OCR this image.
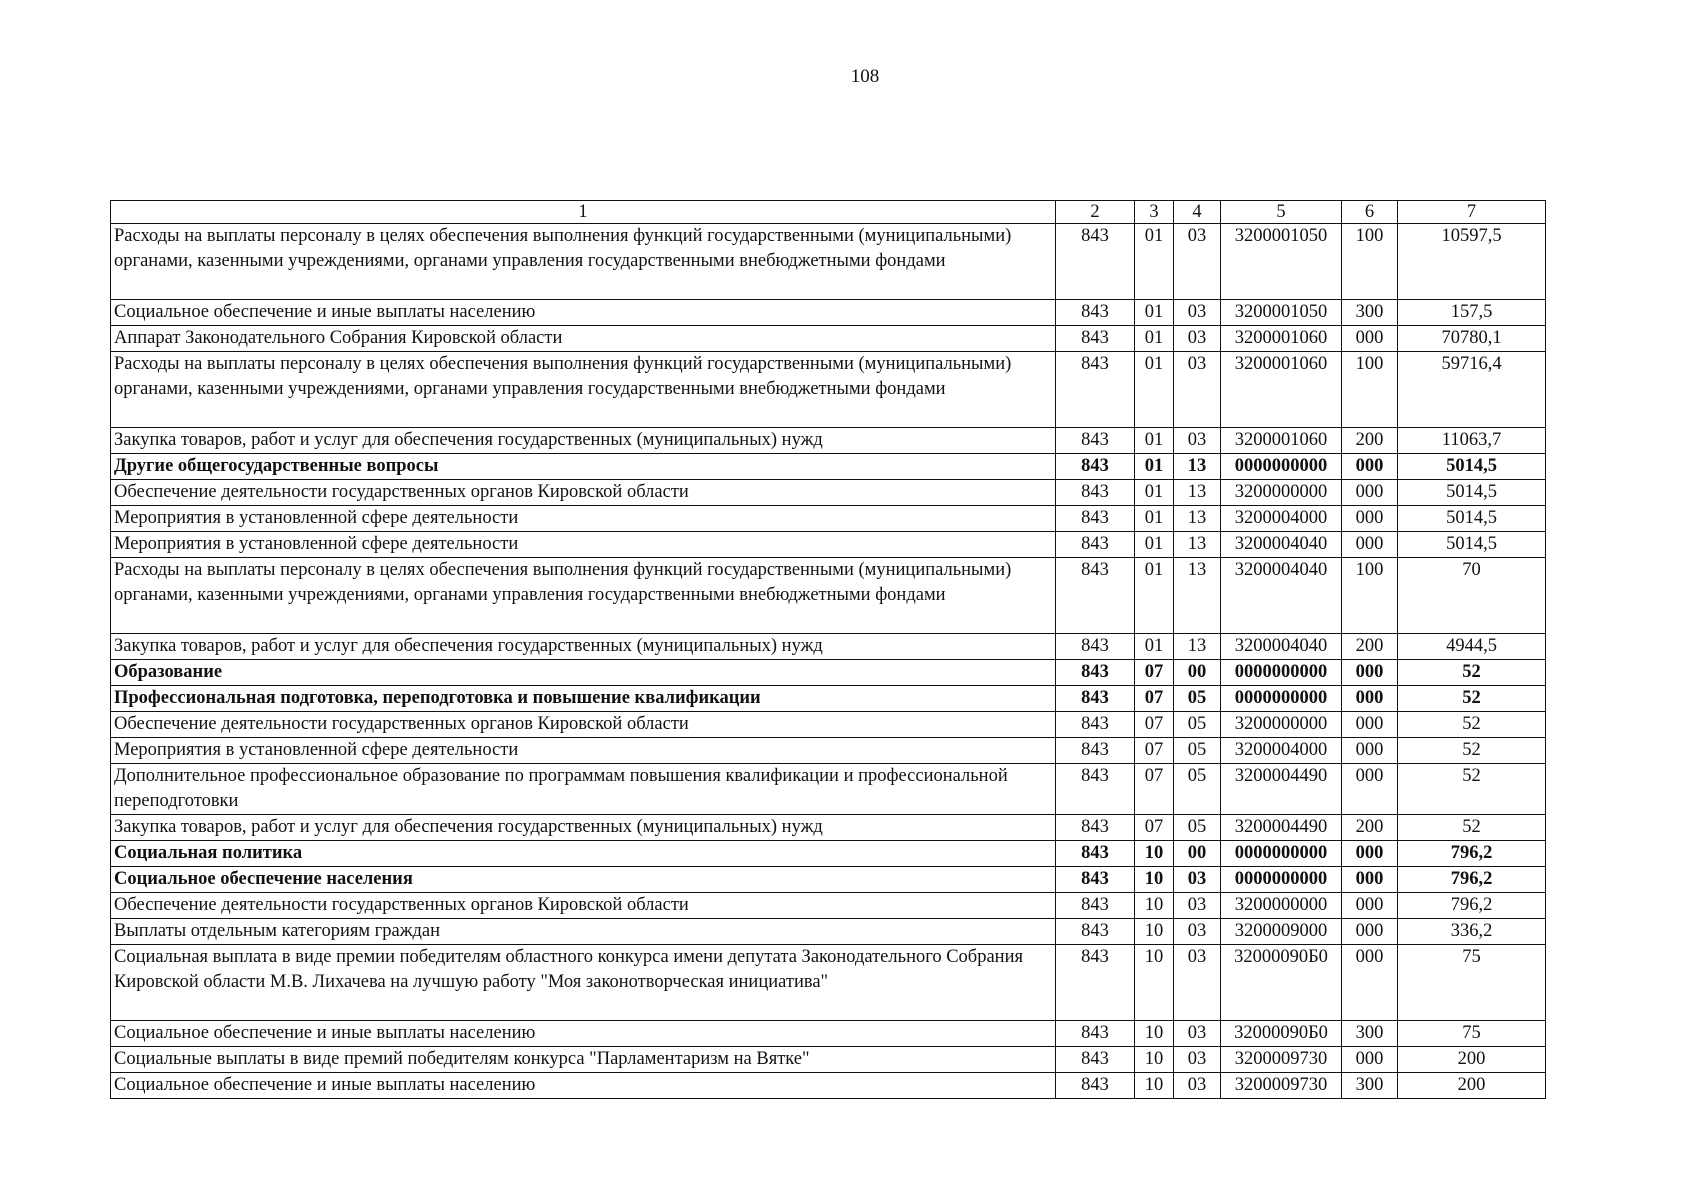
108
1	2	3	4	5	6	7
Расходы на выплаты персоналу в целях обеспечения выполнения функций государственными (муниципальными) органами, казенными учреждениями, органами управления государственными внебюджетными фондами	843	01	03	3200001050	100	10597,5
Социальное обеспечение и иные выплаты населению	843	01	03	3200001050	300	157,5
Аппарат Законодательного Собрания Кировской области	843	01	03	3200001060	000	70780,1
Расходы на выплаты персоналу в целях обеспечения выполнения функций государственными (муниципальными) органами, казенными учреждениями, органами управления государственными внебюджетными фондами	843	01	03	3200001060	100	59716,4
Закупка товаров, работ и услуг для обеспечения государственных (муниципальных) нужд	843	01	03	3200001060	200	11063,7
Другие общегосударственные вопросы	843	01	13	0000000000	000	5014,5
Обеспечение деятельности государственных органов Кировской области	843	01	13	3200000000	000	5014,5
Мероприятия в установленной сфере деятельности	843	01	13	3200004000	000	5014,5
Мероприятия в установленной сфере деятельности	843	01	13	3200004040	000	5014,5
Расходы на выплаты персоналу в целях обеспечения выполнения функций государственными (муниципальными) органами, казенными учреждениями, органами управления государственными внебюджетными фондами	843	01	13	3200004040	100	70
Закупка товаров, работ и услуг для обеспечения государственных (муниципальных) нужд	843	01	13	3200004040	200	4944,5
Образование	843	07	00	0000000000	000	52
Профессиональная подготовка, переподготовка и повышение квалификации	843	07	05	0000000000	000	52
Обеспечение деятельности государственных органов Кировской области	843	07	05	3200000000	000	52
Мероприятия в установленной сфере деятельности	843	07	05	3200004000	000	52
Дополнительное профессиональное образование по программам повышения квалификации и профессиональной переподготовки	843	07	05	3200004490	000	52
Закупка товаров, работ и услуг для обеспечения государственных (муниципальных) нужд	843	07	05	3200004490	200	52
Социальная политика	843	10	00	0000000000	000	796,2
Социальное обеспечение населения	843	10	03	0000000000	000	796,2
Обеспечение деятельности государственных органов Кировской области	843	10	03	3200000000	000	796,2
Выплаты отдельным категориям граждан	843	10	03	3200009000	000	336,2
Социальная выплата в виде премии победителям областного конкурса имени депутата Законодательного Собрания Кировской области М.В. Лихачева на лучшую работу "Моя законотворческая инициатива"	843	10	03	32000090Б0	000	75
Социальное обеспечение и иные выплаты населению	843	10	03	32000090Б0	300	75
Социальные выплаты в виде премий победителям конкурса "Парламентаризм на Вятке"	843	10	03	3200009730	000	200
Социальное обеспечение и иные выплаты населению	843	10	03	3200009730	300	200
